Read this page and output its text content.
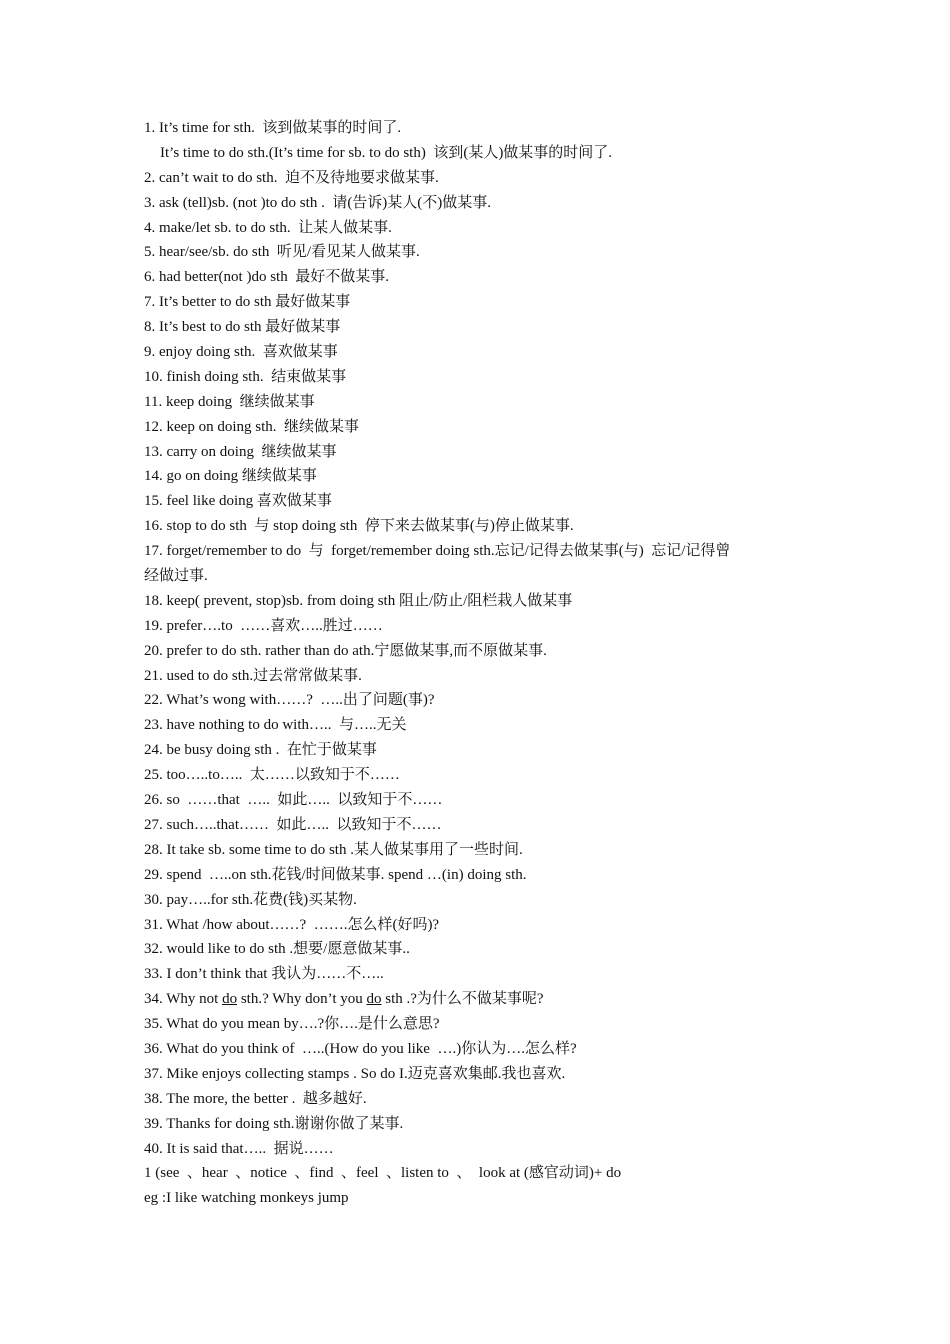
1. It’s time for sth.  该到做某事的时间了.
It’s time to do sth.(It’s time for sb. to do sth)  该到(某人)做某事的时间了.
2. can’t wait to do sth.  迫不及待地要求做某事.
3. ask (tell)sb. (not )to do sth .  请(告诉)某人(不)做某事.
4. make/let sb. to do sth.  让某人做某事.
5. hear/see/sb. do sth  听见/看见某人做某事.
6. had better(not )do sth  最好不做某事.
7. It’s better to do sth 最好做某事
8. It’s best to do sth 最好做某事
9. enjoy doing sth.  喜欢做某事
10. finish doing sth.  结束做某事
11. keep doing  继续做某事
12. keep on doing sth.  继续做某事
13. carry on doing  继续做某事
14. go on doing 继续做某事
15. feel like doing 喜欢做某事
16. stop to do sth  与 stop doing sth  停下来去做某事(与)停止做某事.
17. forget/remember to do  与  forget/remember doing sth.忘记/记得去做某事(与)  忘记/记得曾
经做过事.
18. keep( prevent, stop)sb. from doing sth 阻止/防止/阻栏栽人做某事
19. prefer….to  ……喜欢…..胜过……
20. prefer to do sth. rather than do ath.宁愿做某事,而不原做某事.
21. used to do sth.过去常常做某事.
22. What’s wong with……?  …..出了问题(事)?
23. have nothing to do with…..  与…..无关
24. be busy doing sth .  在忙于做某事
25. too…..to…..  太……以致知于不……
26. so  ……that  …..  如此…..  以致知于不……
27. such…..that……  如此…..  以致知于不……
28. It take sb. some time to do sth .某人做某事用了一些时间.
29. spend  …..on sth.花钱/时间做某事. spend …(in) doing sth.
30. pay…..for sth.花费(钱)买某物.
31. What /how about……?  …….怎么样(好吗)?
32. would like to do sth .想要/愿意做某事..
33. I don’t think that 我认为……不…..
34. Why not do sth.? Why don’t you do sth .?为什么不做某事呢?
35. What do you mean by….?你….是什么意思?
36. What do you think of  …..(How do you like  ….)你认为….怎么样?
37. Mike enjoys collecting stamps . So do I.迈克喜欢集邮.我也喜欢.
38. The more, the better .  越多越好.
39. Thanks for doing sth.谢谢你做了某事.
40. It is said that…..  据说……
1 (see  、hear  、notice  、find  、feel  、listen to  、  look at (感官动词)+ do
eg :I like watching monkeys jump
